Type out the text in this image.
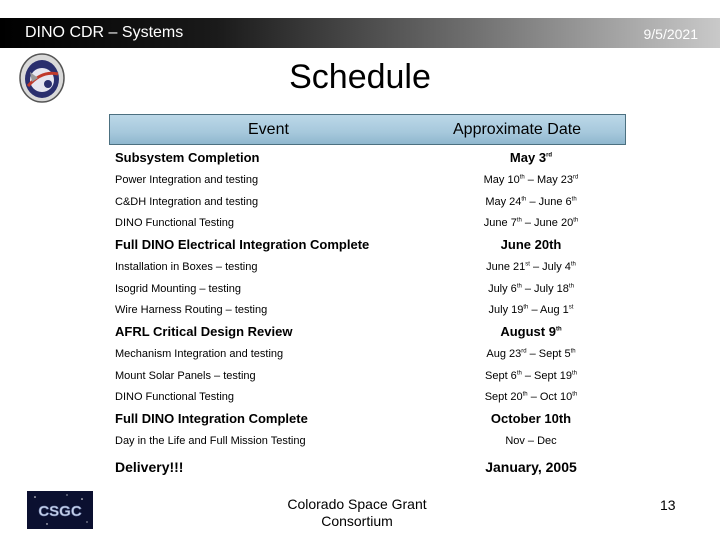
DINO CDR – Systems	9/5/2021
Schedule
Event	Approximate Date
Subsystem Completion	May 3rd
Power Integration and testing	May 10th – May 23rd
C&DH Integration and testing	May 24th – June 6th
DINO Functional Testing	June 7th – June 20th
Full DINO Electrical Integration Complete	June 20th
Installation in Boxes – testing	June 21st – July 4th
Isogrid Mounting – testing	July 6th – July 18th
Wire Harness Routing – testing	July 19th – Aug 1st
AFRL Critical Design Review	August 9th
Mechanism Integration and testing	Aug 23rd – Sept 5th
Mount Solar Panels – testing	Sept 6th – Sept 19th
DINO Functional Testing	Sept 20th – Oct 10th
Full DINO Integration Complete	October 10th
Day in the Life and Full Mission Testing	Nov – Dec
Delivery!!!	January, 2005
CSGC	Colorado Space Grant
Consortium
13
